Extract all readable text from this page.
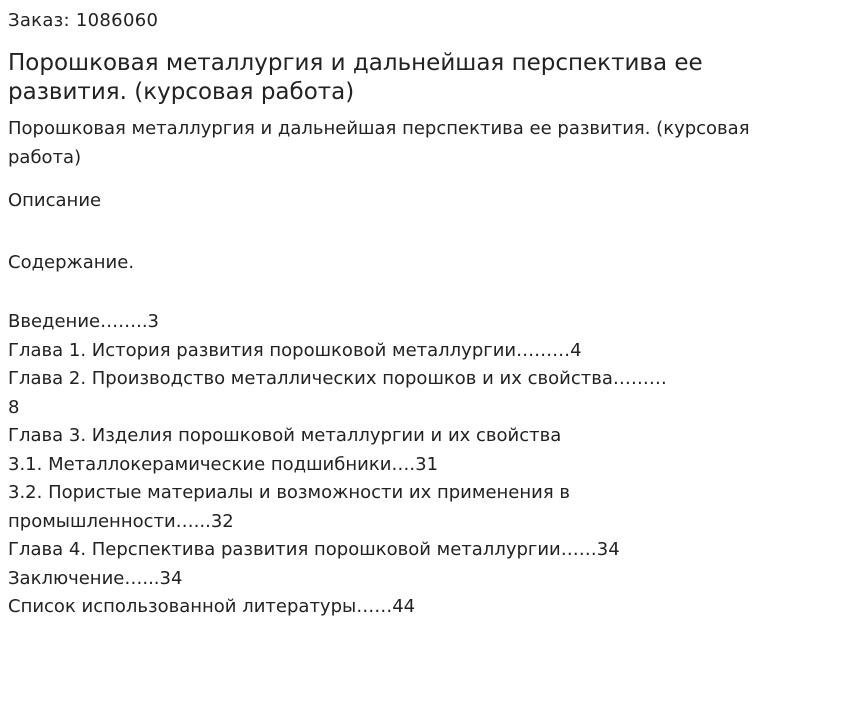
Заказ: 1086060

Порошковая металлургия и дальнейшая перспектива ее развития. (курсовая работа)

Порошковая металлургия и дальнейшая перспектива ее развития. (курсовая работа)

Описание

Содержание.

Введение……..3
Глава 1. История развития порошковой металлургии………4
Глава 2. Производство металлических порошков и их свойства………8
Глава 3. Изделия порошковой металлургии и их свойства
3.1. Металлокерамические подшибники….31
3.2. Пористые материалы и возможности их применения в промышленности…...32
Глава 4. Перспектива развития порошковой металлургии……34
Заключение…...34
Список использованной литературы……44
